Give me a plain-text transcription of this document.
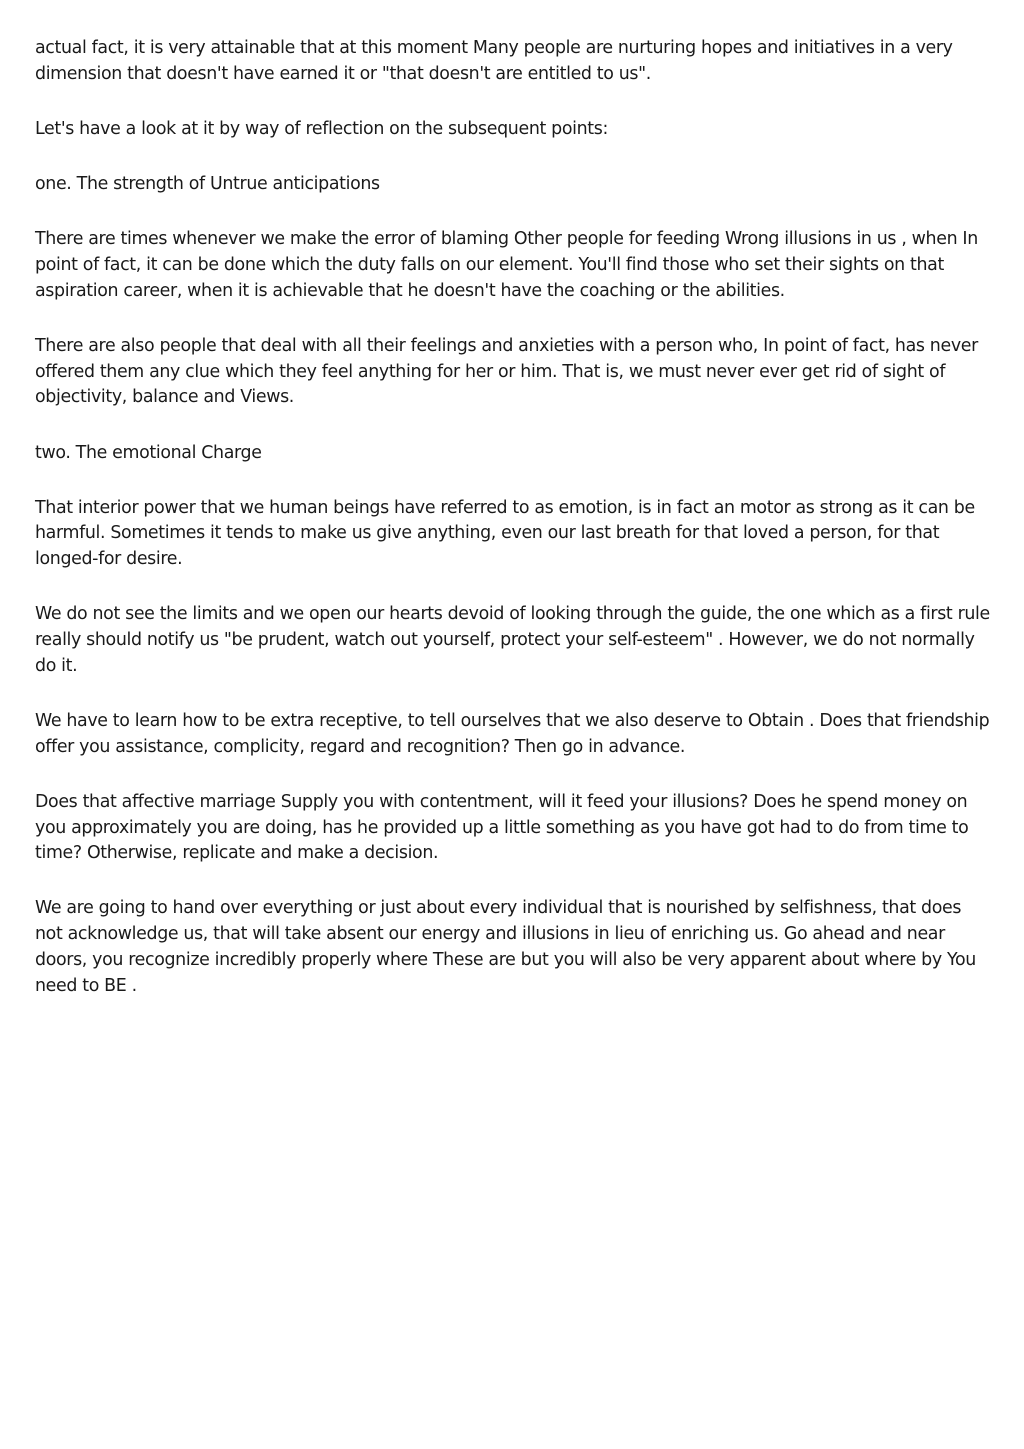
actual fact, it is very attainable that at this moment Many people are nurturing hopes and initiatives in a very dimension that doesn't have earned it or "that doesn't are entitled to us".

Let's have a look at it by way of reflection on the subsequent points:

one. The strength of Untrue anticipations

There are times whenever we make the error of blaming Other people for feeding Wrong illusions in us , when In point of fact, it can be done which the duty falls on our element. You'll find those who set their sights on that aspiration career, when it is achievable that he doesn't have the coaching or the abilities.

There are also people that deal with all their feelings and anxieties with a person who, In point of fact, has never offered them any clue which they feel anything for her or him. That is, we must never ever get rid of sight of objectivity, balance and Views.

two. The emotional Charge

That interior power that we human beings have referred to as emotion, is in fact an motor as strong as it can be harmful. Sometimes it tends to make us give anything, even our last breath for that loved a person, for that longed-for desire.

We do not see the limits and we open our hearts devoid of looking through the guide, the one which as a first rule really should notify us "be prudent, watch out yourself, protect your self-esteem" . However, we do not normally do it.

We have to learn how to be extra receptive, to tell ourselves that we also deserve to Obtain . Does that friendship offer you assistance, complicity, regard and recognition? Then go in advance.

Does that affective marriage Supply you with contentment, will it feed your illusions? Does he spend money on you approximately you are doing, has he provided up a little something as you have got had to do from time to time? Otherwise, replicate and make a decision.

We are going to hand over everything or just about every individual that is nourished by selfishness, that does not acknowledge us, that will take absent our energy and illusions in lieu of enriching us. Go ahead and near doors, you recognize incredibly properly where These are but you will also be very apparent about where by You need to BE .
